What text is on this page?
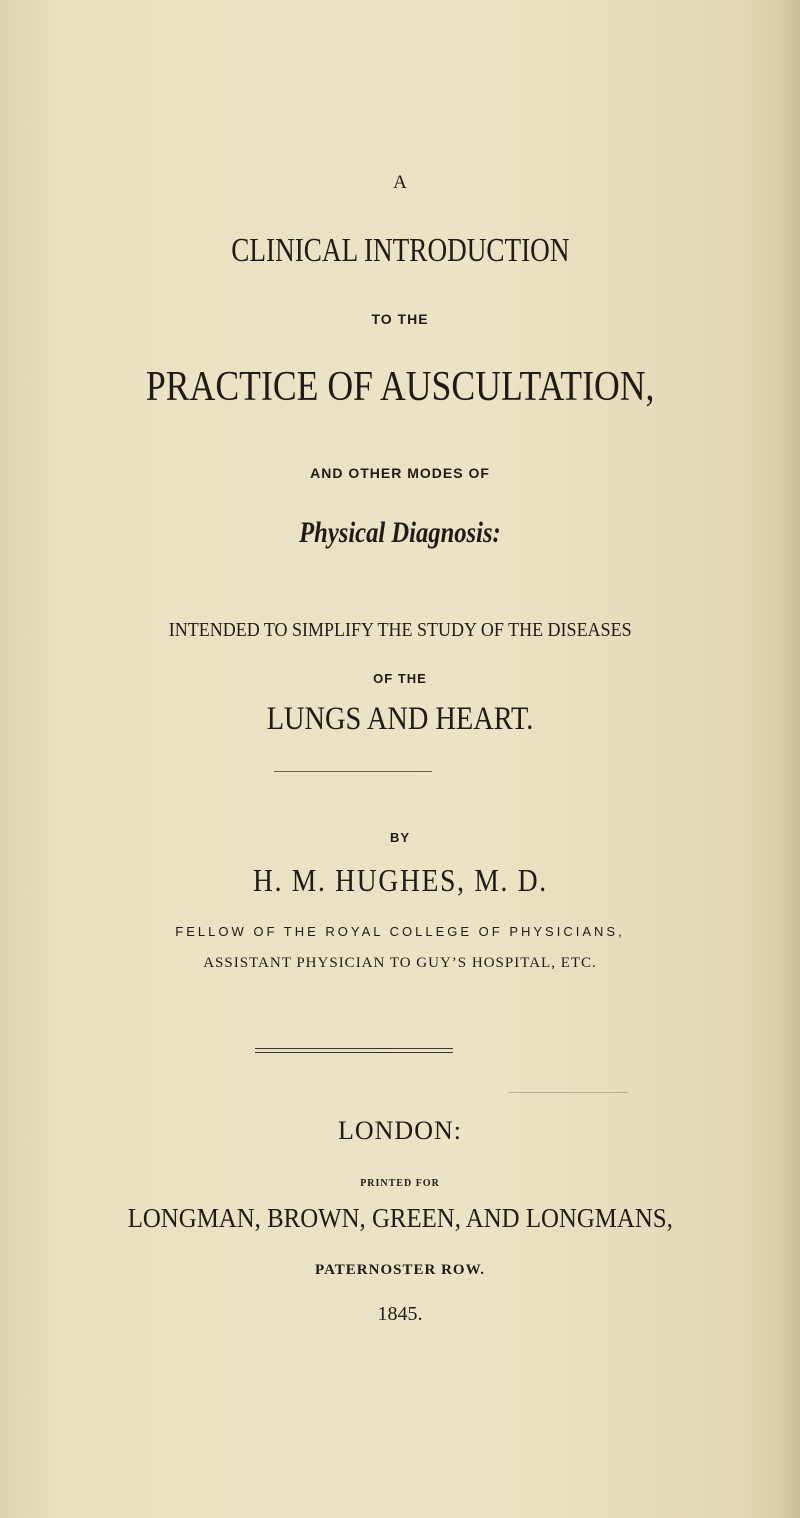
A

CLINICAL INTRODUCTION

TO THE

PRACTICE OF AUSCULTATION,

AND OTHER MODES OF

Physical Diagnosis:

INTENDED TO SIMPLIFY THE STUDY OF THE DISEASES

OF THE

LUNGS AND HEART.

BY

H. M. HUGHES, M. D.

FELLOW OF THE ROYAL COLLEGE OF PHYSICIANS,

ASSISTANT PHYSICIAN TO GUY’S HOSPITAL, ETC.

LONDON:

PRINTED FOR

LONGMAN, BROWN, GREEN, AND LONGMANS,

PATERNOSTER ROW.

1845.
